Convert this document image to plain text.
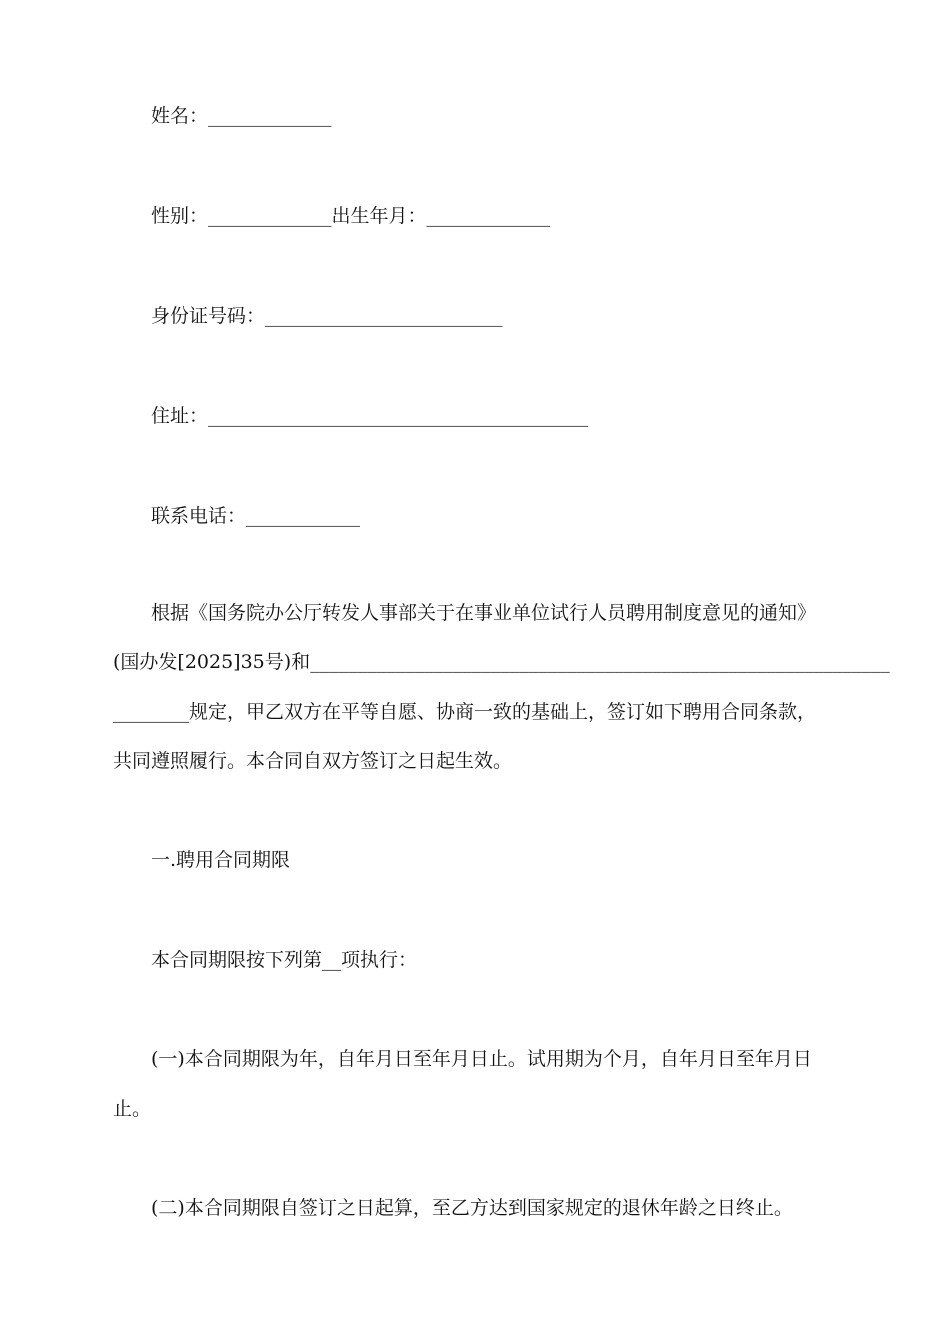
姓名：_____________
性别：_____________出生年月：_____________
身份证号码：_________________________
住址：________________________________________
联系电话：____________
根据《国务院办公厅转发人事部关于在事业单位试行人员聘用制度意见的通知》
(国办发[2025]35号)和_____________________________________________________________
________规定，甲乙双方在平等自愿、协商一致的基础上，签订如下聘用合同条款，
共同遵照履行。本合同自双方签订之日起生效。
一.聘用合同期限
本合同期限按下列第__项执行：
(一)本合同期限为年，自年月日至年月日止。试用期为个月，自年月日至年月日
止。
(二)本合同期限自签订之日起算，至乙方达到国家规定的退休年龄之日终止。
